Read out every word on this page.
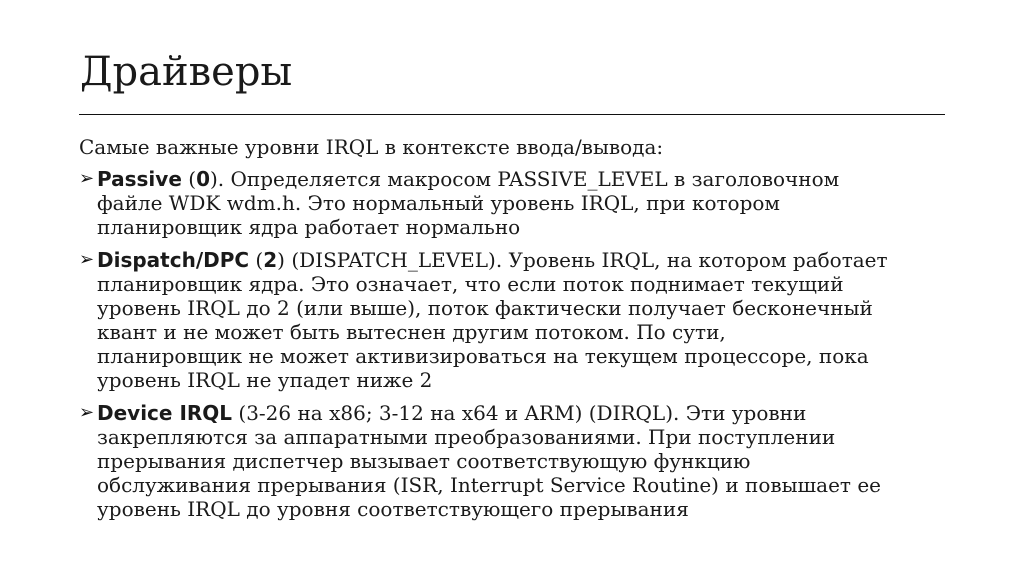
Драйверы

Самые важные уровни IRQL в контексте ввода/вывода:

➢ Passive (0). Определяется макросом PASSIVE_LEVEL в заголовочном
файле WDK wdm.h. Это нормальный уровень IRQL, при котором
планировщик ядра работает нормально
➢ Dispatch/DPC (2) (DISPATCH_LEVEL). Уровень IRQL, на котором работает
планировщик ядра. Это означает, что если поток поднимает текущий
уровень IRQL до 2 (или выше), поток фактически получает бесконечный
квант и не может быть вытеснен другим потоком. По сути,
планировщик не может активизироваться на текущем процессоре, пока
уровень IRQL не упадет ниже 2
➢ Device IRQL (3-26 на x86; 3-12 на x64 и ARM) (DIRQL). Эти уровни
закрепляются за аппаратными преобразованиями. При поступлении
прерывания диспетчер вызывает соответствующую функцию
обслуживания прерывания (ISR, Interrupt Service Routine) и повышает ее
уровень IRQL до уровня соответствующего прерывания
